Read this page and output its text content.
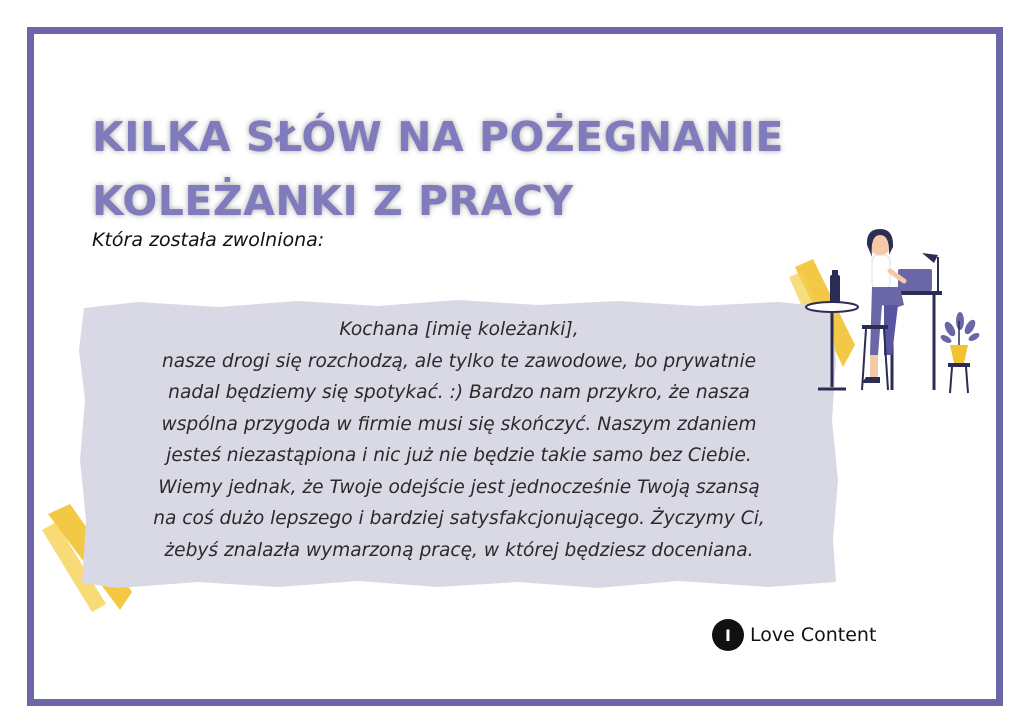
KILKA SŁÓW NA POŻEGNANIE
KOLEŻANKI Z PRACY
Która została zwolniona:
Kochana [imię koleżanki],
nasze drogi się rozchodzą, ale tylko te zawodowe, bo prywatnie
nadal będziemy się spotykać. :) Bardzo nam przykro, że nasza
wspólna przygoda w firmie musi się skończyć. Naszym zdaniem
jesteś niezastąpiona i nic już nie będzie takie samo bez Ciebie.
Wiemy jednak, że Twoje odejście jest jednocześnie Twoją szansą
na coś dużo lepszego i bardziej satysfakcjonującego. Życzymy Ci,
żebyś znalazła wymarzoną pracę, w której będziesz doceniana.
I	Love Content
